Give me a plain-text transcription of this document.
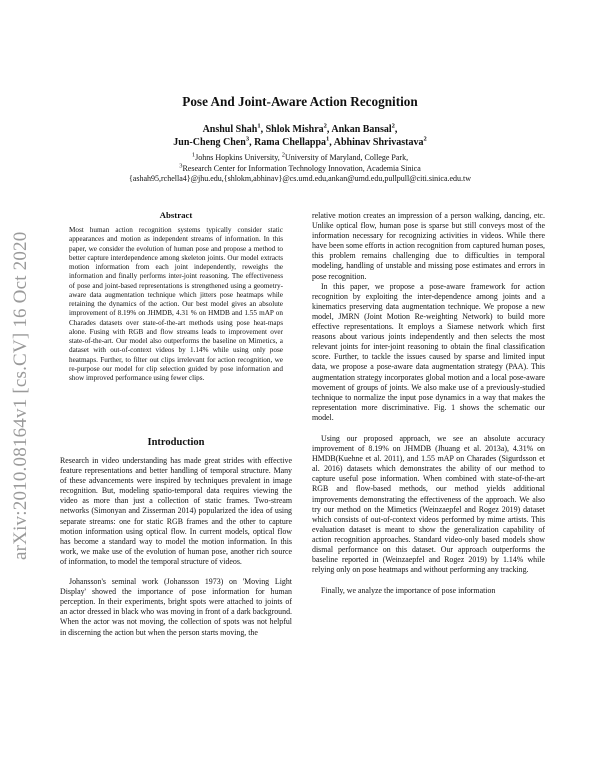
arXiv:2010.08164v1 [cs.CV] 16 Oct 2020
Pose And Joint-Aware Action Recognition
Anshul Shah$^1$, Shlok Mishra$^2$, Ankan Bansal$^2$,
Jun-Cheng Chen$^3$, Rama Chellappa$^1$, Abhinav Shrivastava$^2$
$^1$Johns Hopkins University, $^2$University of Maryland, College Park,
$^3$Research Center for Information Technology Innovation, Academia Sinica
{ashah95,rchella4}@jhu.edu,{shlokm,abhinav}@cs.umd.edu,ankan@umd.edu,pullpull@citi.sinica.edu.tw
Abstract

Most human action recognition systems typically consider static appearances and motion as independent streams of information. In this paper, we consider the evolution of human pose and propose a method to better capture interdependence among skeleton joints. Our model extracts motion information from each joint independently, reweighs the information and finally performs inter-joint reasoning. The effectiveness of pose and joint-based representations is strengthened using a geometry-aware data augmentation technique which jitters pose heatmaps while retaining the dynamics of the action. Our best model gives an absolute improvement of 8.19% on JHMDB, 4.31 % on HMDB and 1.55 mAP on Charades datasets over state-of-the-art methods using pose heat-maps alone. Fusing with RGB and flow streams leads to improvement over state-of-the-art. Our model also outperforms the baseline on Mimetics, a dataset with out-of-context videos by 1.14% while using only pose heatmaps. Further, to filter out clips irrelevant for action recognition, we re-purpose our model for clip selection guided by pose information and show improved performance using fewer clips.

Introduction

Research in video understanding has made great strides with effective feature representations and better handling of temporal structure. Many of these advancements were inspired by techniques prevalent in image recognition. But, modeling spatio-temporal data requires viewing the video as more than just a collection of static frames. Two-stream networks (Simonyan and Zisserman 2014) popularized the idea of using separate streams: one for static RGB frames and the other to capture motion information using optical flow. In current models, optical flow has become a standard way to model the motion information. In this work, we make use of the evolution of human pose, another rich source of information, to model the temporal structure of videos.

Johansson's seminal work (Johansson 1973) on 'Moving Light Display' showed the importance of pose information for human perception. In their experiments, bright spots were attached to joints of an actor dressed in black who was moving in front of a dark background. When the actor was not moving, the collection of spots was not helpful in discerning the action but when the person starts moving, the

relative motion creates an impression of a person walking, dancing, etc. Unlike optical flow, human pose is sparse but still conveys most of the information necessary for recognizing activities in videos. While there have been some efforts in action recognition from captured human poses, this problem remains challenging due to difficulties in temporal modeling, handling of unstable and missing pose estimates and errors in pose recognition.

In this paper, we propose a pose-aware framework for action recognition by exploiting the inter-dependence among joints and a kinematics preserving data augmentation technique. We propose a new model, JMRN (Joint Motion Re-weighting Network) to build more effective representations. It employs a Siamese network which first reasons about various joints independently and then selects the most relevant joints for inter-joint reasoning to obtain the final classification score. Further, to tackle the issues caused by sparse and limited input data, we propose a pose-aware data augmentation strategy (PAA). This augmentation strategy incorporates global motion and a local pose-aware movement of groups of joints. We also make use of a previously-studied technique to normalize the input pose dynamics in a way that makes the representation more discriminative. Fig. 1 shows the schematic our model.

Using our proposed approach, we see an absolute accuracy improvement of 8.19% on JHMDB (Jhuang et al. 2013a), 4.31% on HMDB(Kuehne et al. 2011), and 1.55 mAP on Charades (Sigurdsson et al. 2016) datasets which demonstrates the ability of our method to capture useful pose information. When combined with state-of-the-art RGB and flow-based methods, our method yields additional improvements demonstrating the effectiveness of the approach. We also try our method on the Mimetics (Weinzaepfel and Rogez 2019) dataset which consists of out-of-context videos performed by mime artists. This evaluation dataset is meant to show the generalization capability of action recognition approaches. Standard video-only based models show dismal performance on this dataset. Our approach outperforms the baseline reported in (Weinzaepfel and Rogez 2019) by 1.14% while relying only on pose heatmaps and without performing any tracking.

Finally, we analyze the importance of pose information
